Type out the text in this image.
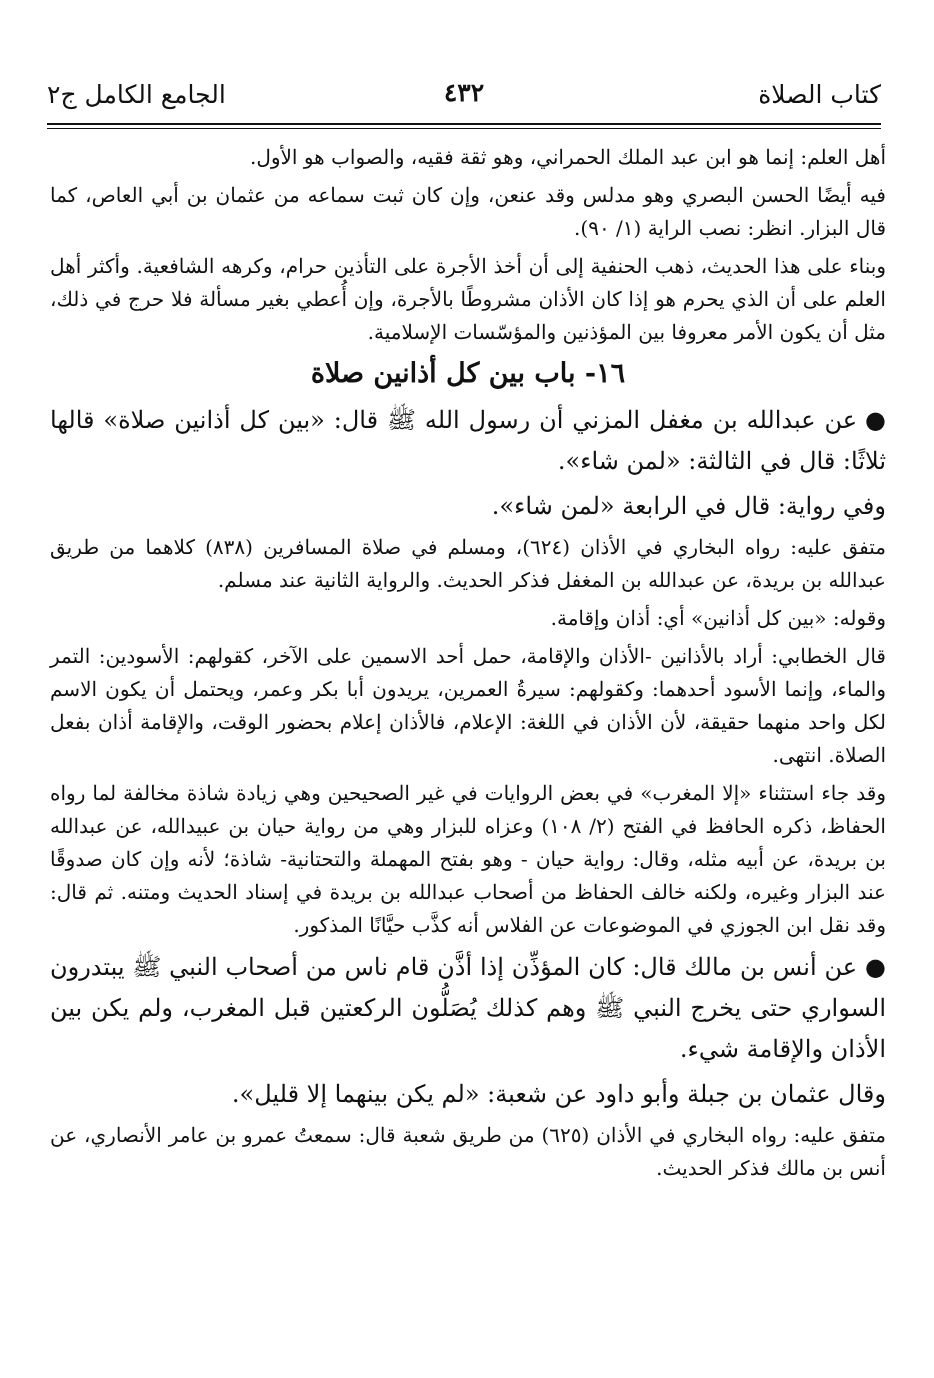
كتاب الصلاة
٤٣٢
الجامع الكامل ج٢

أهل العلم: إنما هو ابن عبد الملك الحمراني، وهو ثقة فقيه، والصواب هو الأول.

فيه أيضًا الحسن البصري وهو مدلس وقد عنعن، وإن كان ثبت سماعه من عثمان بن أبي العاص، كما قال البزار. انظر: نصب الراية (١/ ٩٠).

وبناء على هذا الحديث، ذهب الحنفية إلى أن أخذ الأجرة على التأذين حرام، وكرهه الشافعية. وأكثر أهل العلم على أن الذي يحرم هو إذا كان الأذان مشروطًا بالأجرة، وإن أُعطي بغير مسألة فلا حرج في ذلك، مثل أن يكون الأمر معروفا بين المؤذنين والمؤسّسات الإسلامية.

١٦- باب بين كل أذانين صلاة

●عن عبدالله بن مغفل المزني أن رسول الله ﷺ قال: «بين كل أذانين صلاة» قالها ثلاثًا: قال في الثالثة: «لمن شاء».

وفي رواية: قال في الرابعة «لمن شاء».

متفق عليه: رواه البخاري في الأذان (٦٢٤)، ومسلم في صلاة المسافرين (٨٣٨) كلاهما من طريق عبدالله بن بريدة، عن عبدالله بن المغفل فذكر الحديث. والرواية الثانية عند مسلم.

وقوله: «بين كل أذانين» أي: أذان وإقامة.

قال الخطابي: أراد بالأذانين -الأذان والإقامة، حمل أحد الاسمين على الآخر، كقولهم: الأسودين: التمر والماء، وإنما الأسود أحدهما: وكقولهم: سيرةُ العمرين، يريدون أبا بكر وعمر، ويحتمل أن يكون الاسم لكل واحد منهما حقيقة، لأن الأذان في اللغة: الإعلام، فالأذان إعلام بحضور الوقت، والإقامة أذان بفعل الصلاة. انتهى.

وقد جاء استثناء «إلا المغرب» في بعض الروايات في غير الصحيحين وهي زيادة شاذة مخالفة لما رواه الحفاظ، ذكره الحافظ في الفتح (٢/ ١٠٨) وعزاه للبزار وهي من رواية حيان بن عبيدالله، عن عبدالله بن بريدة، عن أبيه مثله، وقال: رواية حيان - وهو بفتح المهملة والتحتانية- شاذة؛ لأنه وإن كان صدوقًا عند البزار وغيره، ولكنه خالف الحفاظ من أصحاب عبدالله بن بريدة في إسناد الحديث ومتنه. ثم قال: وقد نقل ابن الجوزي في الموضوعات عن الفلاس أنه كذَّب حيَّانًا المذكور.

●عن أنس بن مالك قال: كان المؤذِّن إذا أذَّن قام ناس من أصحاب النبي ﷺ يبتدرون السواري حتى يخرج النبي ﷺ وهم كذلك يُصَلُّون الركعتين قبل المغرب، ولم يكن بين الأذان والإقامة شيء.

وقال عثمان بن جبلة وأبو داود عن شعبة: «لم يكن بينهما إلا قليل».

متفق عليه: رواه البخاري في الأذان (٦٢٥) من طريق شعبة قال: سمعتُ عمرو بن عامر الأنصاري، عن أنس بن مالك فذكر الحديث.
